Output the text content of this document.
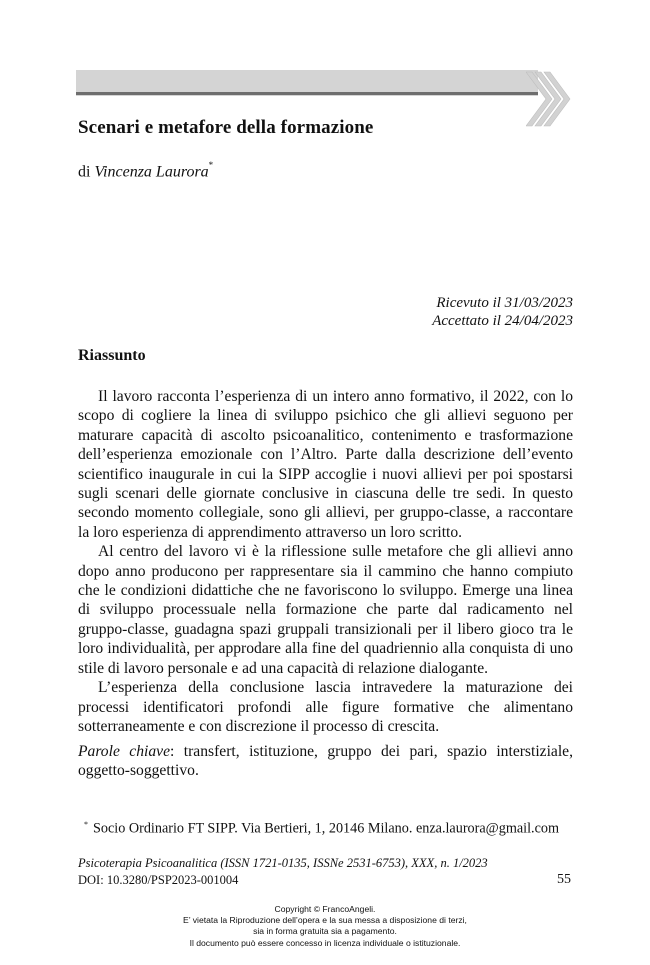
Scenari e metafore della formazione
di Vincenza Laurora*
Ricevuto il 31/03/2023
Accettato il 24/04/2023
Riassunto

Il lavoro racconta l’esperienza di un intero anno formativo, il 2022, con lo scopo di cogliere la linea di sviluppo psichico che gli allievi seguono per maturare capacità di ascolto psicoanalitico, contenimento e trasformazione dell’esperienza emozionale con l’Altro. Parte dalla descrizione dell’evento scientifico inaugurale in cui la SIPP accoglie i nuovi allievi per poi spostarsi sugli scenari delle giornate conclusive in ciascuna delle tre sedi. In questo secondo momento collegiale, sono gli allievi, per gruppo-classe, a raccontare la loro esperienza di apprendimento attraverso un loro scritto.

Al centro del lavoro vi è la riflessione sulle metafore che gli allievi anno dopo anno producono per rappresentare sia il cammino che hanno compiuto che le condizioni didattiche che ne favoriscono lo sviluppo. Emerge una linea di sviluppo processuale nella formazione che parte dal radicamento nel gruppo-classe, guadagna spazi gruppali transizionali per il libero gioco tra le loro individualità, per approdare alla fine del quadriennio alla conquista di uno stile di lavoro personale e ad una capacità di relazione dialogante.

L’esperienza della conclusione lascia intravedere la maturazione dei processi identificatori profondi alle figure formative che alimentano sotterraneamente e con discrezione il processo di crescita.

Parole chiave: transfert, istituzione, gruppo dei pari, spazio interstiziale, oggetto-soggettivo.
* Socio Ordinario FT SIPP. Via Bertieri, 1, 20146 Milano. enza.laurora@gmail.com
Psicoterapia Psicoanalitica (ISSN 1721-0135, ISSNe 2531-6753), XXX, n. 1/2023
DOI: 10.3280/PSP2023-001004	55
Copyright © FrancoAngeli.
E’ vietata la Riproduzione dell’opera e la sua messa a disposizione di terzi,
sia in forma gratuita sia a pagamento.
Il documento può essere concesso in licenza individuale o istituzionale.
